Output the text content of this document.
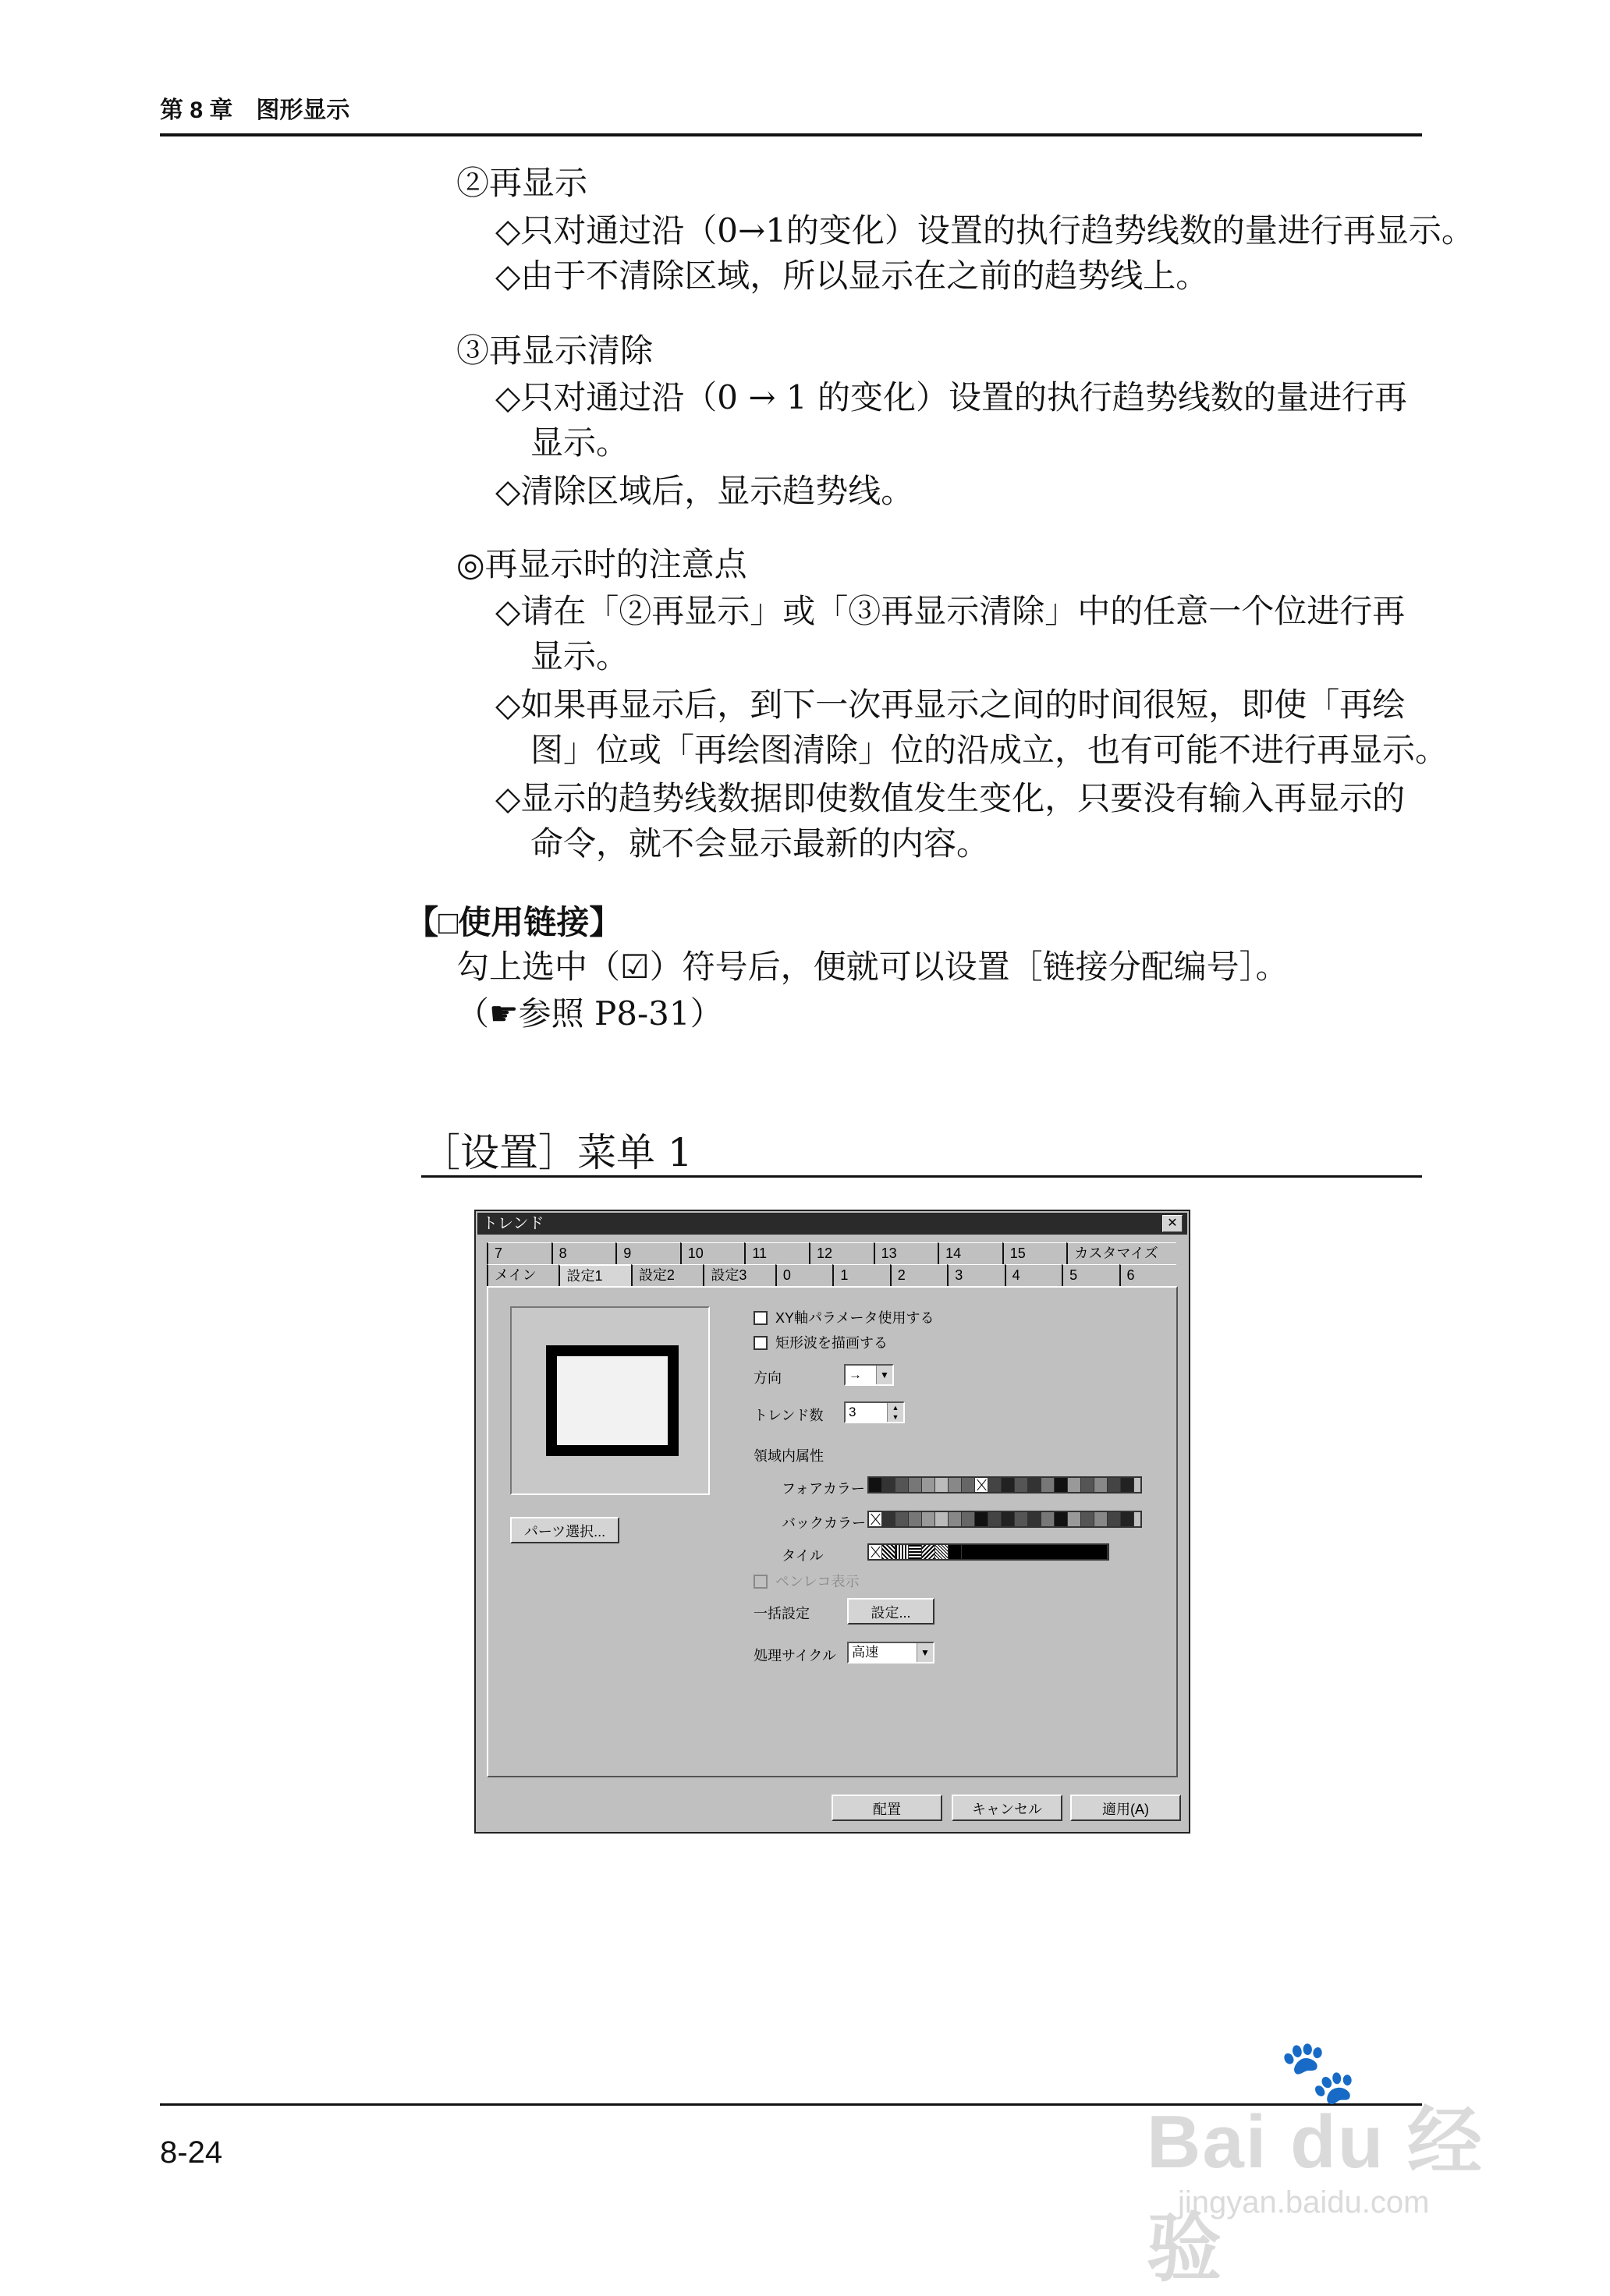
第 8 章　图形显示
②再显示
◇只对通过沿（0→1的变化）设置的执行趋势线数的量进行再显示。
◇由于不清除区域，所以显示在之前的趋势线上。
③再显示清除
◇只对通过沿（0 → 1 的变化）设置的执行趋势线数的量进行再
显示。
◇清除区域后，显示趋势线。
◎再显示时的注意点
◇请在「②再显示」或「③再显示清除」中的任意一个位进行再
显示。
◇如果再显示后，到下一次再显示之间的时间很短，即使「再绘
图」位或「再绘图清除」位的沿成立，也有可能不进行再显示。
◇显示的趋势线数据即使数值发生变化，只要没有输入再显示的
命令，就不会显示最新的内容。
【□使用链接】
勾上选中（☑）符号后，便就可以设置［链接分配编号］。
（☛参照 P8-31）
［设置］菜单 1
トレンド	✕
7	8	9	10	11	12	13	14	15	カスタマイズ
メイン	設定1	設定2	設定3	0	1	2	3	4	5	6
パーツ選択...
XY軸パラメータ使用する
矩形波を描画する
方向	→	▼
トレンド数	3	▲
▼
領域内属性
フォアカラー
バックカラー
タイル
ペンレコ表示
一括設定	設定...
処理サイクル	高速	▼
配置	キャンセル	適用(A)
8-24
🐾
Bai du 经验
jingyan.baidu.com
